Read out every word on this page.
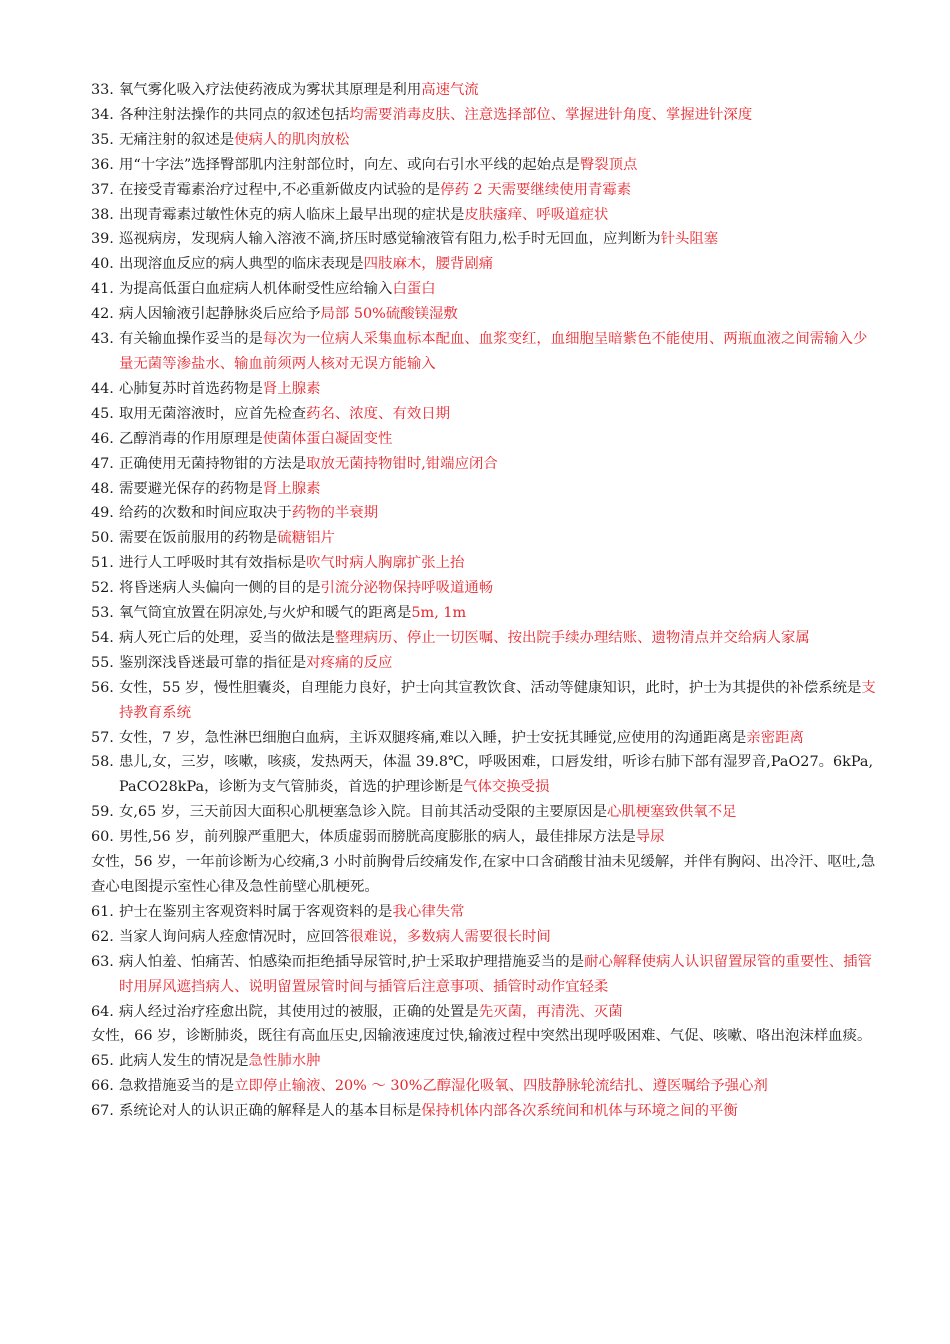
33. 氧气雾化吸入疗法使药液成为雾状其原理是利用高速气流
34. 各种注射法操作的共同点的叙述包括均需要消毒皮肤、注意选择部位、掌握进针角度、掌握进针深度
35. 无痛注射的叙述是使病人的肌肉放松
36. 用“十字法”选择臀部肌内注射部位时，向左、或向右引水平线的起始点是臀裂顶点
37. 在接受青霉素治疗过程中,不必重新做皮内试验的是停药 2 天需要继续使用青霉素
38. 出现青霉素过敏性休克的病人临床上最早出现的症状是皮肤瘙痒、呼吸道症状
39. 巡视病房，发现病人输入溶液不滴,挤压时感觉输液管有阻力,松手时无回血，应判断为针头阻塞
40. 出现溶血反应的病人典型的临床表现是四肢麻木，腰背剧痛
41. 为提高低蛋白血症病人机体耐受性应给输入白蛋白
42. 病人因输液引起静脉炎后应给予局部 50%硫酸镁湿敷
43. 有关输血操作妥当的是每次为一位病人采集血标本配血、血浆变红，血细胞呈暗紫色不能使用、两瓶血液之间需输入少量无菌等渗盐水、输血前须两人核对无误方能输入
44. 心肺复苏时首选药物是肾上腺素
45. 取用无菌溶液时，应首先检查药名、浓度、有效日期
46. 乙醇消毒的作用原理是使菌体蛋白凝固变性
47. 正确使用无菌持物钳的方法是取放无菌持物钳时,钳端应闭合
48. 需要避光保存的药物是肾上腺素
49. 给药的次数和时间应取决于药物的半衰期
50. 需要在饭前服用的药物是硫糖铝片
51. 进行人工呼吸时其有效指标是吹气时病人胸廓扩张上抬
52. 将昏迷病人头偏向一侧的目的是引流分泌物保持呼吸道通畅
53. 氧气筒宜放置在阴凉处,与火炉和暖气的距离是5m, 1m
54. 病人死亡后的处理，妥当的做法是整理病历、停止一切医嘱、按出院手续办理结账、遗物清点并交给病人家属
55. 鉴别深浅昏迷最可靠的指征是对疼痛的反应
56. 女性，55 岁，慢性胆囊炎，自理能力良好，护士向其宣教饮食、活动等健康知识，此时，护士为其提供的补偿系统是支持教育系统
57. 女性，7 岁，急性淋巴细胞白血病，主诉双腿疼痛,难以入睡，护士安抚其睡觉,应使用的沟通距离是亲密距离
58. 患儿,女，三岁，咳嗽，咳痰，发热两天，体温 39.8℃，呼吸困难，口唇发绀，听诊右肺下部有湿罗音,PaO27。6kPa,PaCO28kPa，诊断为支气管肺炎，首选的护理诊断是气体交换受损
59. 女,65 岁，三天前因大面积心肌梗塞急诊入院。目前其活动受限的主要原因是心肌梗塞致供氧不足
60. 男性,56 岁，前列腺严重肥大，体质虚弱而膀胱高度膨胀的病人，最佳排尿方法是导尿
女性，56 岁，一年前诊断为心绞痛,3 小时前胸骨后绞痛发作,在家中口含硝酸甘油未见缓解，并伴有胸闷、出冷汗、呕吐,急查心电图提示室性心律及急性前壁心肌梗死。
61. 护士在鉴别主客观资料时属于客观资料的是我心律失常
62. 当家人询问病人痊愈情况时，应回答很难说，多数病人需要很长时间
63. 病人怕羞、怕痛苦、怕感染而拒绝插导尿管时,护士采取护理措施妥当的是耐心解释使病人认识留置尿管的重要性、插管时用屏风遮挡病人、说明留置尿管时间与插管后注意事项、插管时动作宜轻柔
64. 病人经过治疗痊愈出院，其使用过的被服，正确的处置是先灭菌，再清洗、灭菌
女性，66 岁，诊断肺炎，既往有高血压史,因输液速度过快,输液过程中突然出现呼吸困难、气促、咳嗽、咯出泡沫样血痰。
65. 此病人发生的情况是急性肺水肿
66. 急救措施妥当的是立即停止输液、20% ～ 30%乙醇湿化吸氧、四肢静脉轮流结扎、遵医嘱给予强心剂
67. 系统论对人的认识正确的解释是人的基本目标是保持机体内部各次系统间和机体与环境之间的平衡
